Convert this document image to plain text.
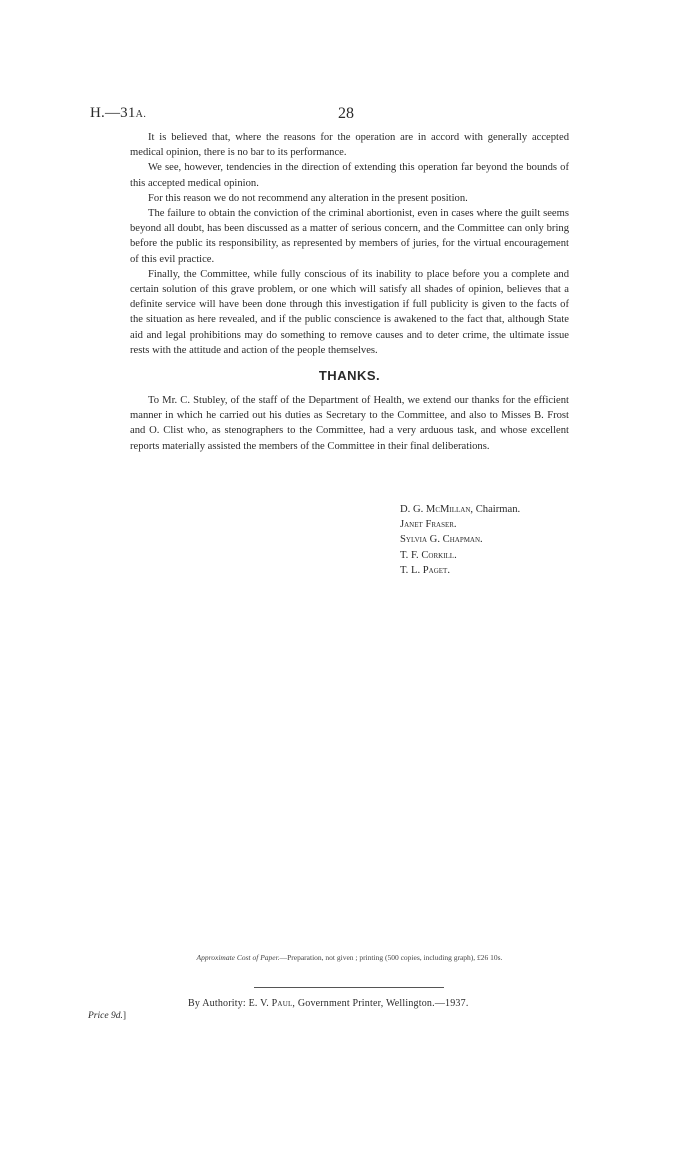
H.—31A.	28

It is believed that, where the reasons for the operation are in accord with generally accepted medical opinion, there is no bar to its performance.

We see, however, tendencies in the direction of extending this operation far beyond the bounds of this accepted medical opinion.

For this reason we do not recommend any alteration in the present position.

The failure to obtain the conviction of the criminal abortionist, even in cases where the guilt seems beyond all doubt, has been discussed as a matter of serious concern, and the Committee can only bring before the public its responsibility, as represented by members of juries, for the virtual encouragement of this evil practice.

Finally, the Committee, while fully conscious of its inability to place before you a complete and certain solution of this grave problem, or one which will satisfy all shades of opinion, believes that a definite service will have been done through this investigation if full publicity is given to the facts of the situation as here revealed, and if the public conscience is awakened to the fact that, although State aid and legal prohibitions may do something to remove causes and to deter crime, the ultimate issue rests with the attitude and action of the people themselves.

THANKS.

To Mr. C. Stubley, of the staff of the Department of Health, we extend our thanks for the efficient manner in which he carried out his duties as Secretary to the Committee, and also to Misses B. Frost and O. Clist who, as stenographers to the Committee, had a very arduous task, and whose excellent reports materially assisted the members of the Committee in their final deliberations.

D. G. McMillan, Chairman.
Janet Fraser.
Sylvia G. Chapman.
T. F. Corkill.
T. L. Paget.
Approximate Cost of Paper.—Preparation, not given ; printing (500 copies, including graph), £26 10s.
By Authority: E. V. Paul, Government Printer, Wellington.—1937.
Price 9d.]
